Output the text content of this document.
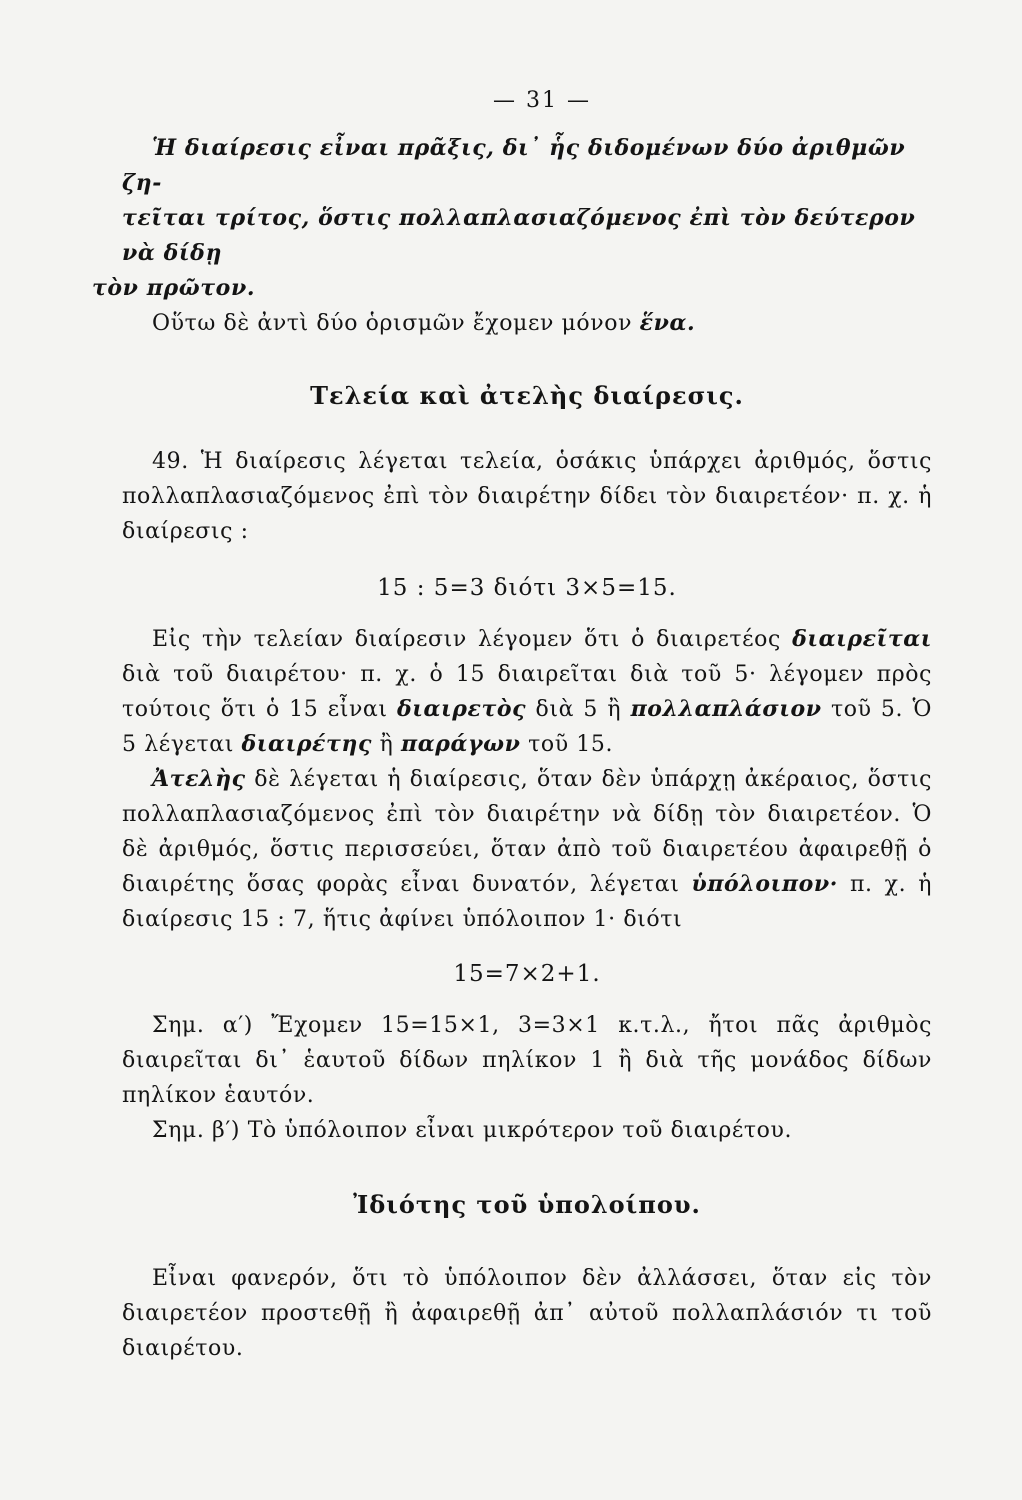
— 31 —

Ἡ διαίρεσις εἶναι πρᾶξις, δι᾽ ἧς διδομένων δύο ἀριθμῶν ζη-
τεῖται τρίτος, ὅστις πολλαπλασιαζόμενος ἐπὶ τὸν δεύτερον νὰ δίδῃ
τὸν πρῶτον.

Οὕτω δὲ ἀντὶ δύο ὁρισμῶν ἔχομεν μόνον ἕνα.

Τελεία καὶ ἀτελὴς διαίρεσις.

49. Ἡ διαίρεσις λέγεται τελεία, ὁσάκις ὑπάρχει ἀριθμός, ὅστις πολλαπλασιαζόμενος ἐπὶ τὸν διαιρέτην δίδει τὸν διαιρετέον· π. χ. ἡ διαίρεσις :

15 : 5=3 διότι 3×5=15.

Εἰς τὴν τελείαν διαίρεσιν λέγομεν ὅτι ὁ διαιρετέος διαιρεῖται διὰ τοῦ διαιρέτου· π. χ. ὁ 15 διαιρεῖται διὰ τοῦ 5· λέγομεν πρὸς τούτοις ὅτι ὁ 15 εἶναι διαιρετὸς διὰ 5 ἢ πολλαπλάσιον τοῦ 5. Ὁ 5 λέγεται διαιρέτης ἢ παράγων τοῦ 15.

Ἀτελὴς δὲ λέγεται ἡ διαίρεσις, ὅταν δὲν ὑπάρχῃ ἀκέραιος, ὅστις πολλαπλασιαζόμενος ἐπὶ τὸν διαιρέτην νὰ δίδῃ τὸν διαιρετέον. Ὁ δὲ ἀριθμός, ὅστις περισσεύει, ὅταν ἀπὸ τοῦ διαιρετέου ἀφαιρεθῇ ὁ διαιρέτης ὅσας φορὰς εἶναι δυνατόν, λέγεται ὑπόλοιπον· π. χ. ἡ διαίρεσις 15 : 7, ἥτις ἀφίνει ὑπόλοιπον 1· διότι

15=7×2+1.

Σημ. α′) Ἔχομεν 15=15×1, 3=3×1 κ.τ.λ., ἤτοι πᾶς ἀριθμὸς διαιρεῖται δι᾽ ἑαυτοῦ δίδων πηλίκον 1 ἢ διὰ τῆς μονάδος δίδων πηλίκον ἑαυτόν.

Σημ. β′) Τὸ ὑπόλοιπον εἶναι μικρότερον τοῦ διαιρέτου.

Ἰδιότης τοῦ ὑπολοίπου.

Εἶναι φανερόν, ὅτι τὸ ὑπόλοιπον δὲν ἀλλάσσει, ὅταν εἰς τὸν διαιρετέον προστεθῇ ἢ ἀφαιρεθῇ ἀπ᾽ αὐτοῦ πολλαπλάσιόν τι τοῦ διαιρέτου.
